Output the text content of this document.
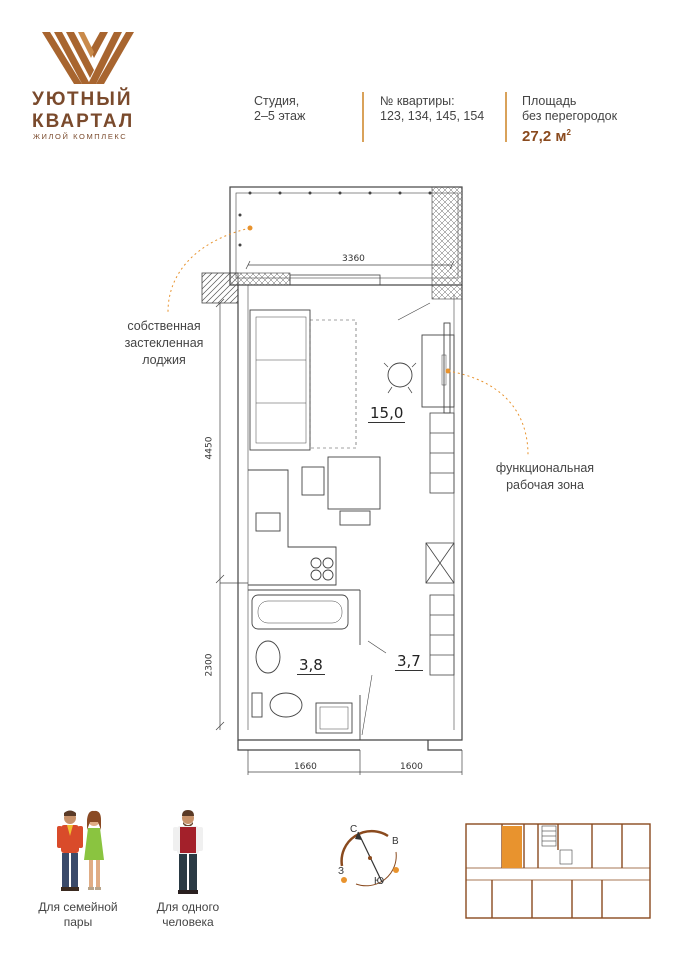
УЮТНЫЙ
КВАРТАЛ
ЖИЛОЙ КОМПЛЕКС
Студия,
2–5 этаж
№ квартиры:
123, 134, 145, 154
Площадь
без перегородок
27,2 $м^2$
3360
4450
2300
1660	1600
15,0
3,8	3,7
собственная
застекленная
лоджия
функциональная
рабочая зона
Для семейной
пары
Для одного
человека
С
В
З
Ю
